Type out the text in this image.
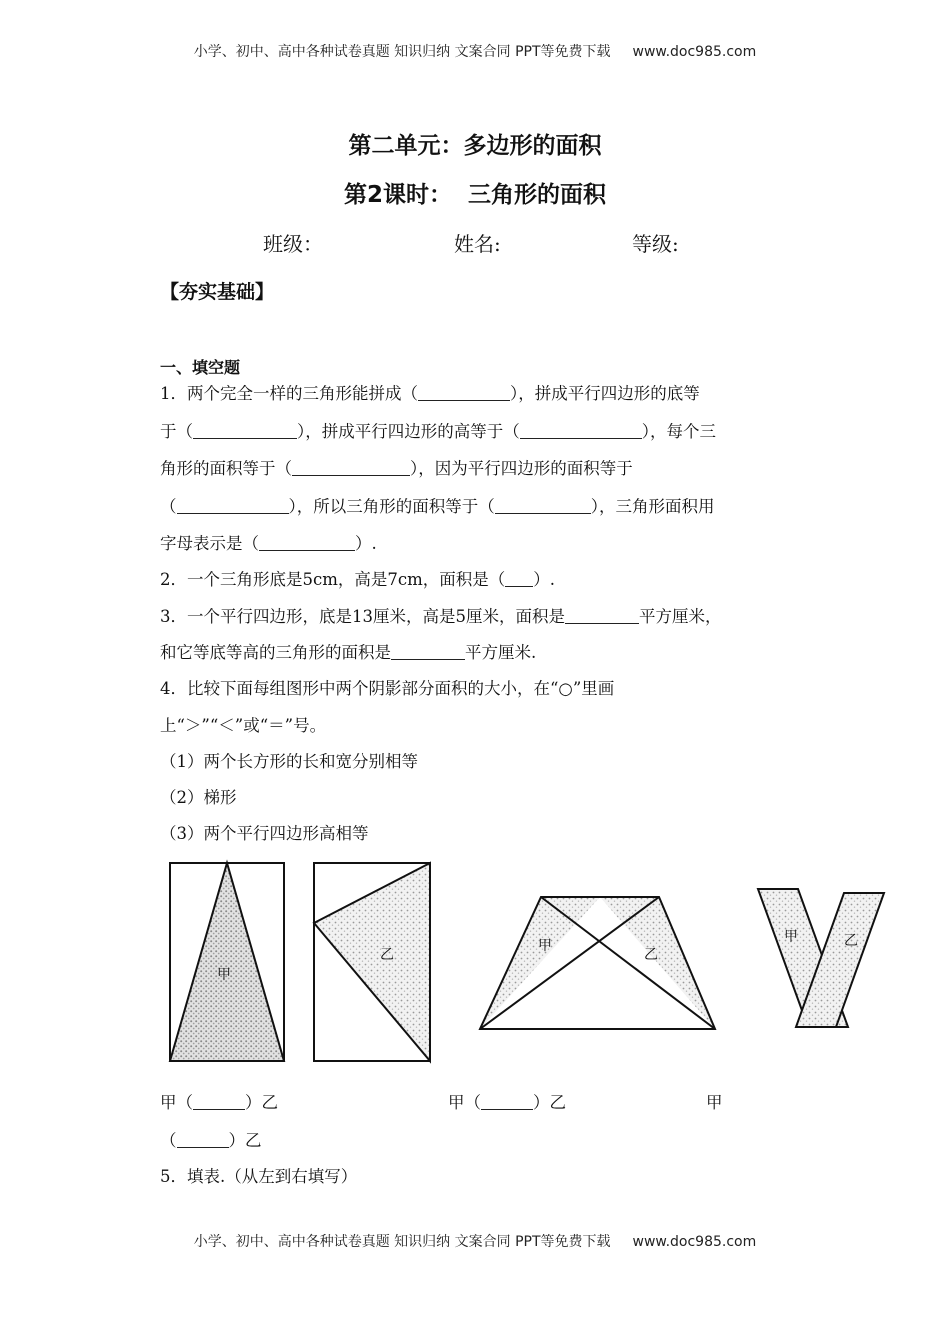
小学、初中、高中各种试卷真题 知识归纳 文案合同 PPT等免费下载 www.doc985.com
第二单元：多边形的面积
第2课时：  三角形的面积
班级：	姓名:	等级:
【夯实基础】
一、填空题
1．两个完全一样的三角形能拼成（	），拼成平行四边形的底等
于（	），拼成平行四边形的高等于（	），每个三
角形的面积等于（	），因为平行四边形的面积等于
（	），所以三角形的面积等于（	），三角形面积用
字母表示是（	）.
2．一个三角形底是5cm，高是7cm，面积是（ ）.
3．一个平行四边形，底是13厘米，高是5厘米，面积是	平方厘米，
和它等底等高的三角形的面积是	平方厘米.
4．比较下面每组图形中两个阴影部分面积的大小，在“○”里画
上“＞”“＜”或“＝”号。
（1）两个长方形的长和宽分别相等
（2）梯形
（3）两个平行四边形高相等
甲
乙
甲
乙
甲	乙
甲（	）乙	甲（	）乙	甲
（	）乙
5．填表.（从左到右填写）
小学、初中、高中各种试卷真题 知识归纳 文案合同 PPT等免费下载 www.doc985.com
